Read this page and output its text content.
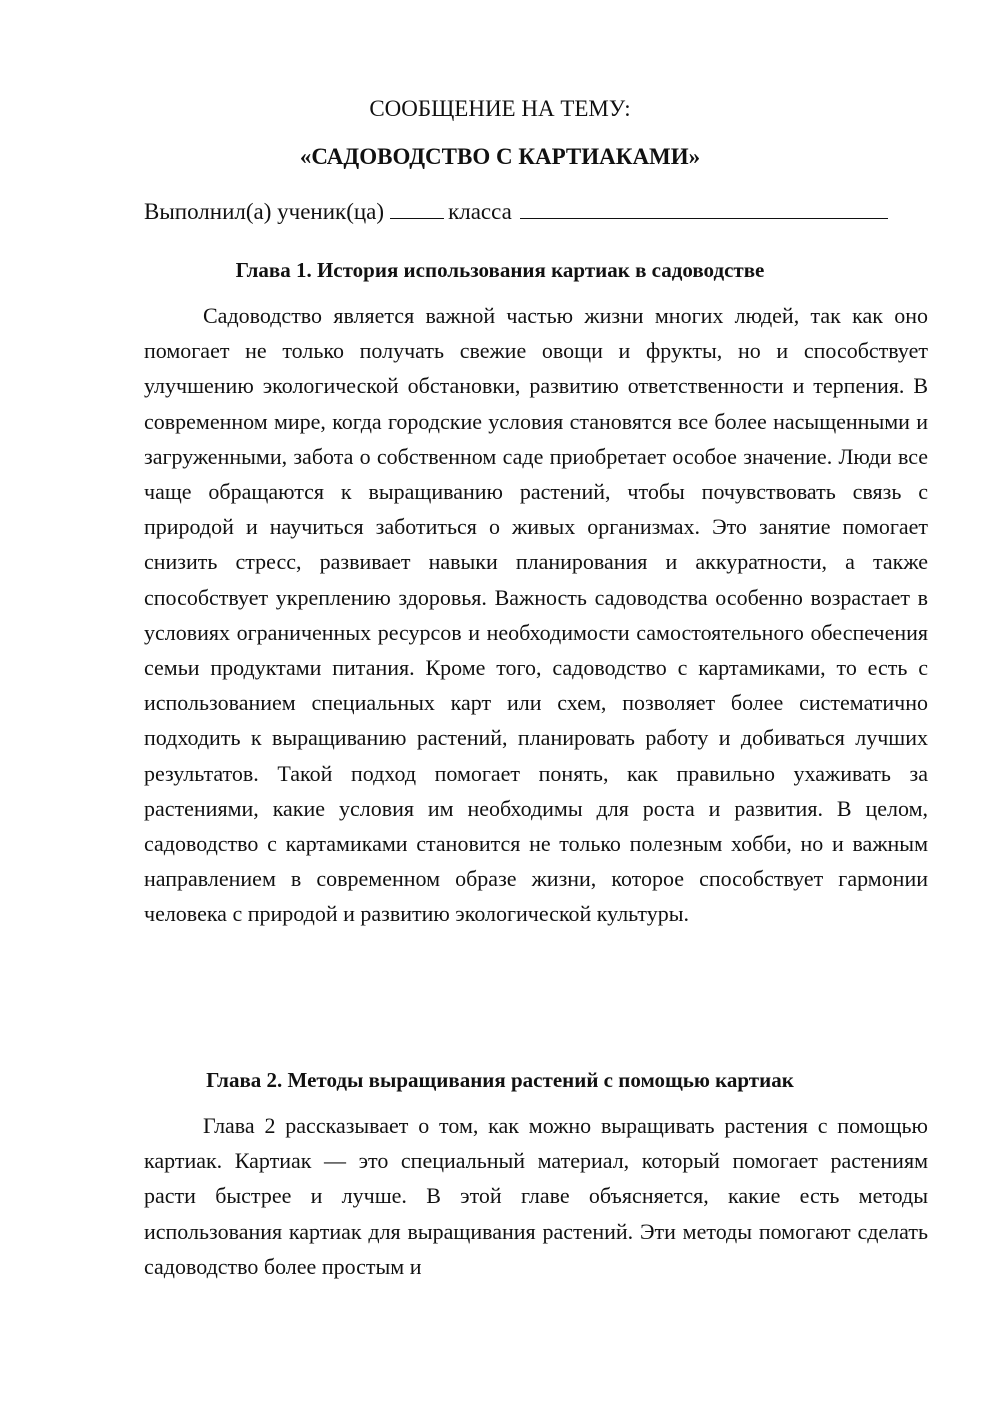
СООБЩЕНИЕ НА ТЕМУ:
«САДОВОДСТВО С КАРТИАКАМИ»
Выполнил(а) ученик(ца)	класса
Глава 1. История использования картиак в садоводстве

Садоводство является важной частью жизни многих людей, так как оно помогает не только получать свежие овощи и фрукты, но и способствует улучшению экологической обстановки, развитию ответственности и терпения. В современном мире, когда городские условия становятся все более насыщенными и загруженными, забота о собственном саде приобретает особое значение. Люди все чаще обращаются к выращиванию растений, чтобы почувствовать связь с природой и научиться заботиться о живых организмах. Это занятие помогает снизить стресс, развивает навыки планирования и аккуратности, а также способствует укреплению здоровья. Важность садоводства особенно возрастает в условиях ограниченных ресурсов и необходимости самостоятельного обеспечения семьи продуктами питания. Кроме того, садоводство с картамиками, то есть с использованием специальных карт или схем, позволяет более систематично подходить к выращиванию растений, планировать работу и добиваться лучших результатов. Такой подход помогает понять, как правильно ухаживать за растениями, какие условия им необходимы для роста и развития. В целом, садоводство с картамиками становится не только полезным хобби, но и важным направлением в современном образе жизни, которое способствует гармонии человека с природой и развитию экологической культуры.

Глава 2. Методы выращивания растений с помощью картиак

Глава 2 рассказывает о том, как можно выращивать растения с помощью картиак. Картиак — это специальный материал, который помогает растениям расти быстрее и лучше. В этой главе объясняется, какие есть методы использования картиак для выращивания растений. Эти методы помогают сделать садоводство более простым и
